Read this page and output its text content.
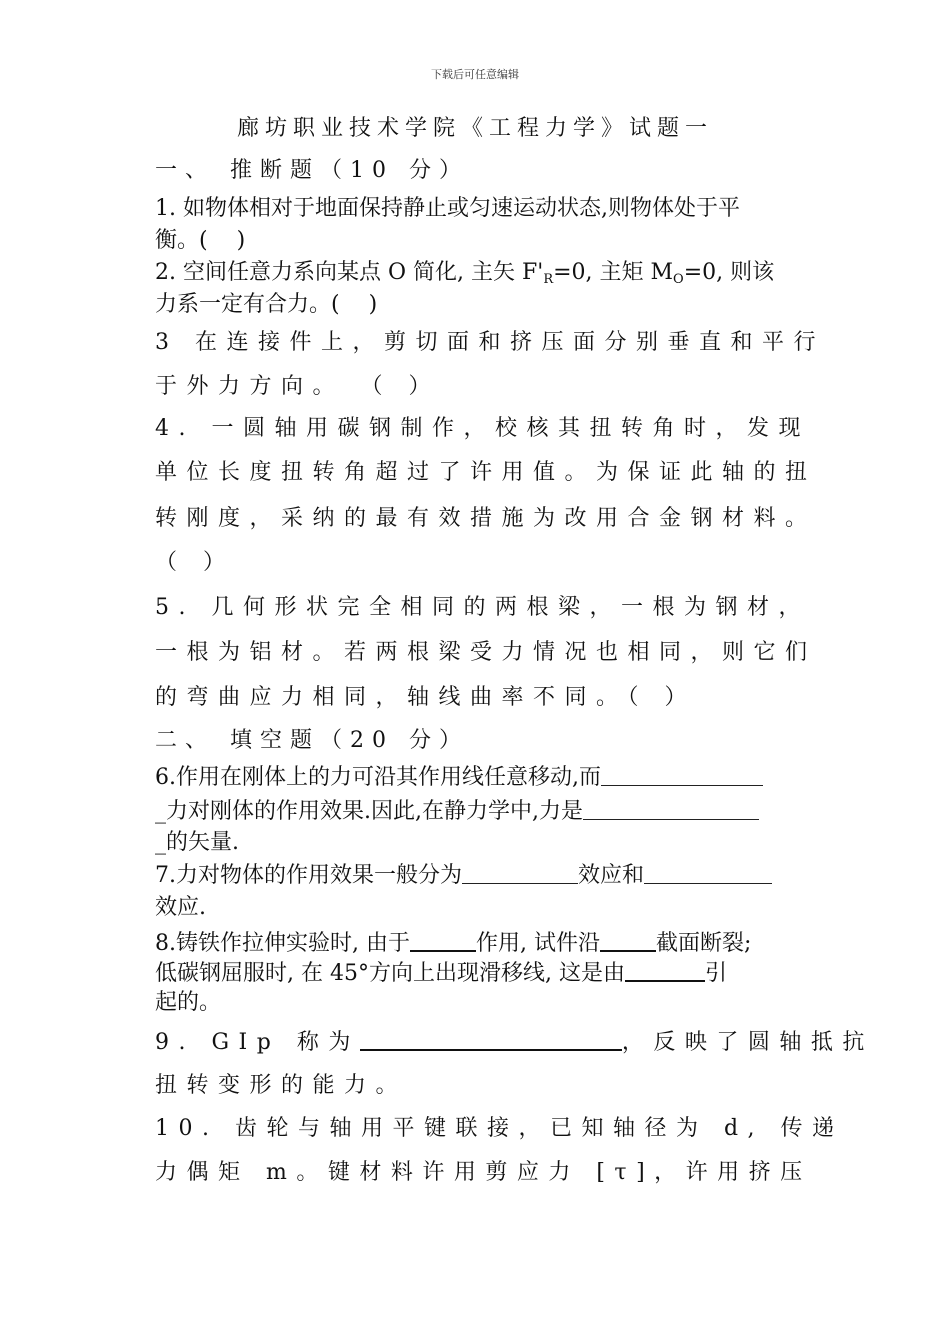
下载后可任意编辑
廊坊职业技术学院《工程力学》试题一
一、 推断题（10 分）
1. 如物体相对于地面保持静止或匀速运动状态,则物体处于平
衡。(　 )
2. 空间任意力系向某点 O 简化, 主矢 $F'_R=0$, 主矩 $M_O=0$, 则该
力系一定有合力。(　 )
3 在连接件上，剪切面和挤压面分别垂直和平行
于外力方向。 （ ）
4. 一圆轴用碳钢制作，校核其扭转角时，发现
单位长度扭转角超过了许用值。为保证此轴的扭
转刚度，采纳的最有效措施为改用合金钢材料。
（ ）
5. 几何形状完全相同的两根梁，一根为钢材，
一根为铝材。若两根梁受力情况也相同，则它们
的弯曲应力相同，轴线曲率不同。（ ）
二、 填空题（20 分）
6.作用在刚体上的力可沿其作用线任意移动,而
_力对刚体的作用效果.因此,在静力学中,力是
_的矢量.
7.力对物体的作用效果一般分为	效应和
效应.
8.铸铁作拉伸实验时, 由于	作用, 试件沿	截面断裂;
低碳钢屈服时, 在 45°方向上出现滑移线, 这是由	引
起的。
9. GIp 称为	，反映了圆轴抵抗
扭转变形的能力。
10. 齿轮与轴用平键联接，已知轴径为 d, 传递
力偶矩 m。键材料许用剪应力 [τ]，许用挤压
